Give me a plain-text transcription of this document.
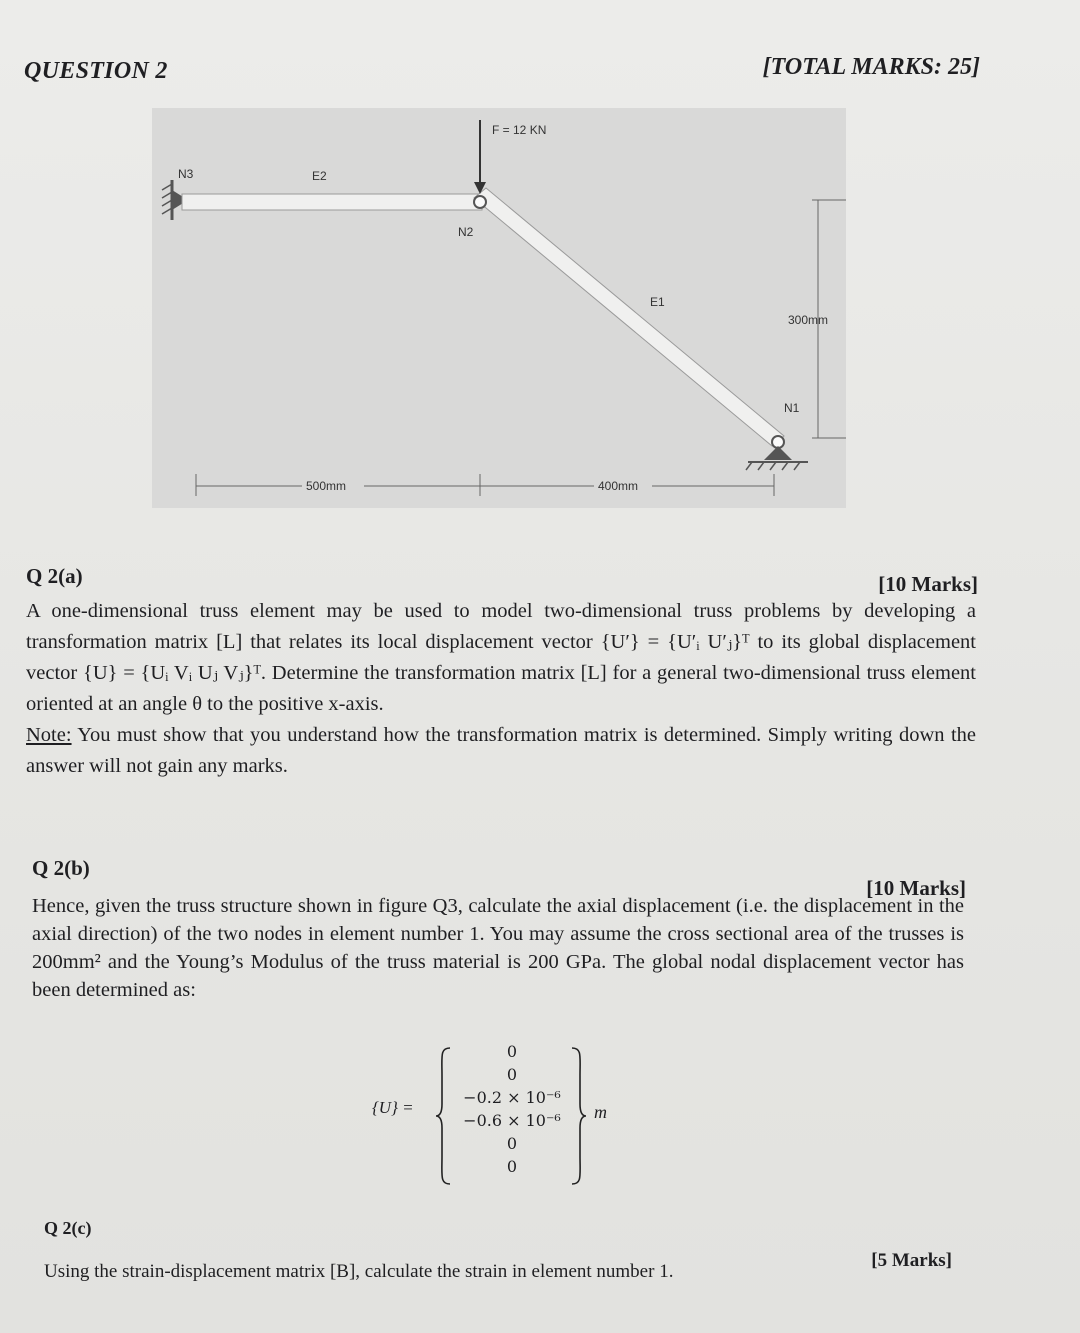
QUESTION 2	[TOTAL MARKS: 25]
F = 12 KN
N3	E2
N2
E1
N1
300mm
500mm	400mm
Q 2(a)	[10 Marks]

A one-dimensional truss element may be used to model two-dimensional truss problems by developing a transformation matrix [L] that relates its local displacement vector {U′} = {U′ᵢ U′ⱼ}ᵀ to its global displacement vector {U} = {Uᵢ Vᵢ Uⱼ Vⱼ}ᵀ. Determine the transformation matrix [L] for a general two-dimensional truss element oriented at an angle θ to the positive x-axis.

Note: You must show that you understand how the transformation matrix is determined. Simply writing down the answer will not gain any marks.

Q 2(b)
[10 Marks]
Hence, given the truss structure shown in figure Q3, calculate the axial displacement (i.e. the displacement in the axial direction) of the two nodes in element number 1. You may assume the cross sectional area of the trusses is 200mm² and the Young’s Modulus of the truss material is 200 GPa. The global nodal displacement vector has been determined as:
{U} =
0
0
−0.2 × 10⁻⁶
−0.6 × 10⁻⁶
0
0
m
Q 2(c)
[5 Marks]
Using the strain-displacement matrix [B], calculate the strain in element number 1.
